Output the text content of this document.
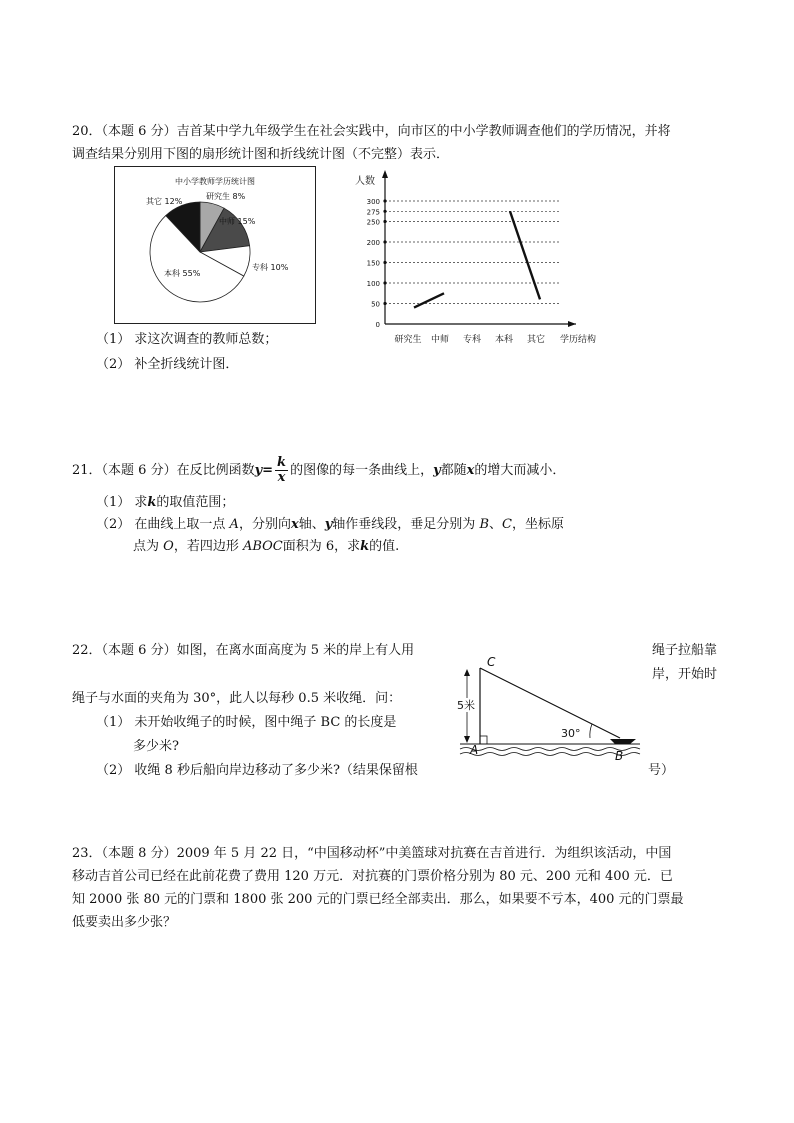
20．（本题 6 分）吉首某中学九年级学生在社会实践中，向市区的中小学教师调查他们的学历情况，并将
调查结果分别用下图的扇形统计图和折线统计图（不完整）表示．
中小学教师学历统计图
研究生 8%
中师 15%
专科 10%
本科 55%
其它 12%
人数
0
50
100
150
200
250
275
300
研究生 中师 专科 本科 其它 学历结构
（1） 求这次调查的教师总数；
（2） 补全折线统计图．
21．（本题 6 分）在反比例函数$y= \frac{k}{x}$ 的图像的每一条曲线上，y都随x的增大而减小．
（1） 求k的取值范围；
（2） 在曲线上取一点 A，分别向x轴、y轴作垂线段，垂足分别为 B、C，坐标原
点为 O，若四边形 ABOC面积为 6，求k的值.
22．（本题 6 分）如图，在离水面高度为 5 米的岸上有人用	绳子拉船靠
岸，开始时
绳子与水面的夹角为 30°，此人以每秒 0.5 米收绳．问：
（1） 未开始收绳子的时候，图中绳子 BC 的长度是
多少米?
（2） 收绳 8 秒后船向岸边移动了多少米?（结果保留根	号）
5米
30°
C
A	B
23．（本题 8 分）2009 年 5 月 22 日，“中国移动杯”中美篮球对抗赛在吉首进行．为组织该活动，中国
移动吉首公司已经在此前花费了费用 120 万元．对抗赛的门票价格分别为 80 元、200 元和 400 元．已
知 2000 张 80 元的门票和 1800 张 200 元的门票已经全部卖出．那么，如果要不亏本，400 元的门票最
低要卖出多少张？
